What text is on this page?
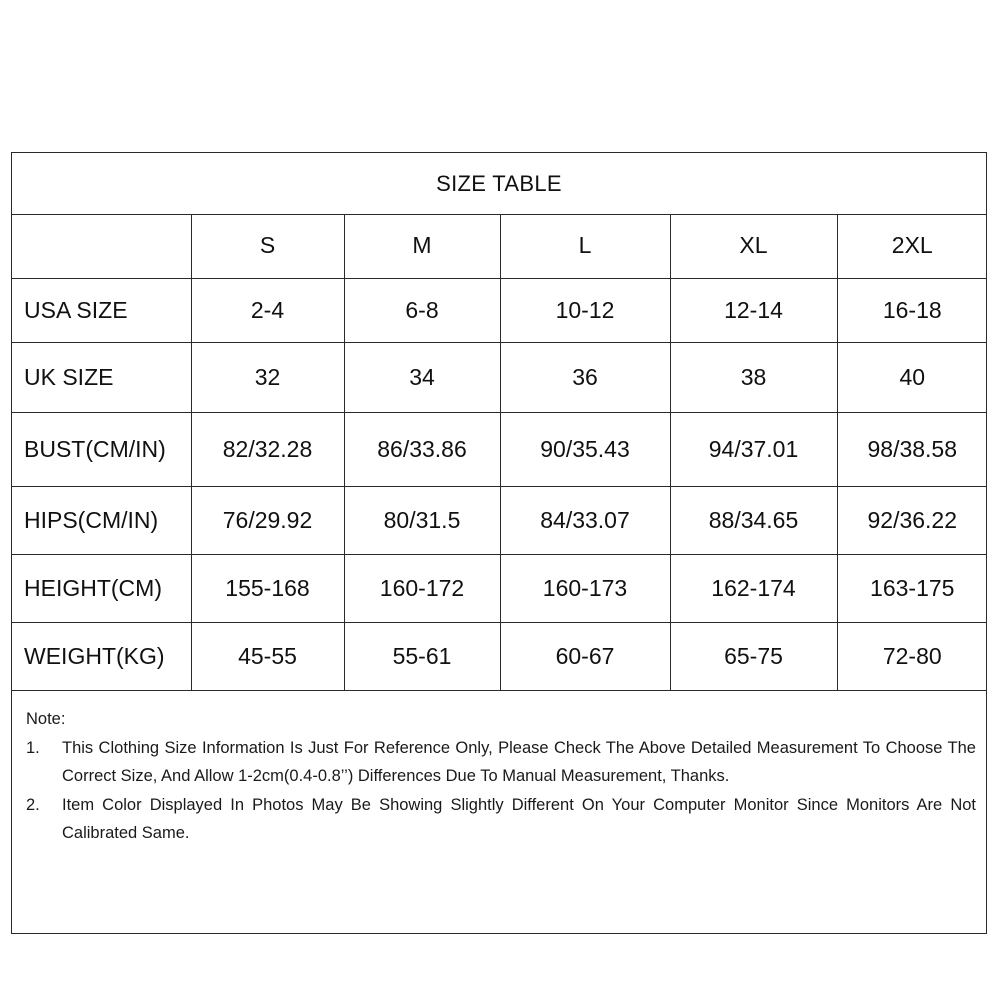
SIZE TABLE
	S	M	L	XL	2XL
USA SIZE	2-4	6-8	10-12	12-14	16-18
UK SIZE	32	34	36	38	40
BUST(CM/IN)	82/32.28	86/33.86	90/35.43	94/37.01	98/38.58
HIPS(CM/IN)	76/29.92	80/31.5	84/33.07	88/34.65	92/36.22
HEIGHT(CM)	155-168	160-172	160-173	162-174	163-175
WEIGHT(KG)	45-55	55-61	60-67	65-75	72-80
Note:
1.	This Clothing Size Information Is Just For Reference Only, Please Check The Above Detailed Measurement To Choose The Correct Size, And Allow 1-2cm(0.4-0.8’’) Differences Due To Manual Measurement, Thanks.
2.	Item Color Displayed In Photos May Be Showing Slightly Different On Your Computer Monitor Since Monitors Are Not Calibrated Same.
